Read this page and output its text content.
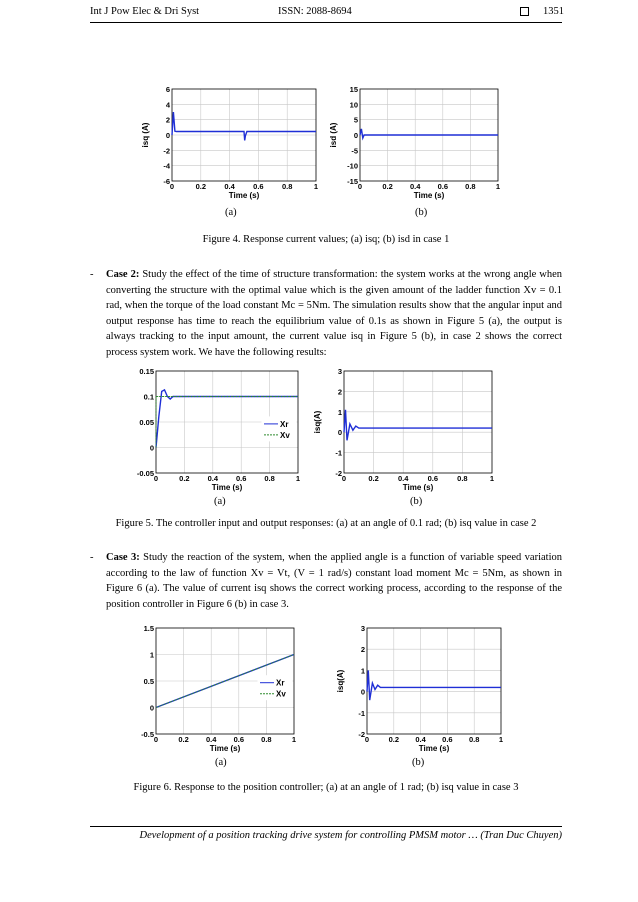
Int J Pow Elec & Dri Syst	ISSN: 2088-8694	1351
-6
-4
-2
0
2
4
6
0	0.2 0.4 0.6 0.8	1
Time (s)
isq (A)
-15
-10
-5
0
5
10
15
0	0.2 0.4 0.6 0.8	1
Time (s)
isd (A)
(a)	(b)
Figure 4. Response current values; (a) isq; (b) isd in case 1
- Case 2: Study the effect of the time of structure transformation: the system works at the wrong angle when converting the structure with the optimal value which is the given amount of the ladder function Xv = 0.1 rad, when the torque of the load constant Mc = 5Nm. The simulation results show that the angular input and output response has time to reach the equilibrium value of 0.1s as shown in Figure 5 (a), the output is always tracking to the input amount, the current value isq in Figure 5 (b), in case 2 shows the correct process system work. We have the following results:
-0.05
0
0.05
0.1
0.15
0	0.2 0.4 0.6 0.8	1
Time (s)
Xr
Xv
-2
-1
0
1
2
3
0	0.2	0.4	0.6	0.8	1
Time (s)
isq(A)
(a)	(b)
Figure 5. The controller input and output responses: (a) at an angle of 0.1 rad; (b) isq value in case 2
- Case 3: Study the reaction of the system, when the applied angle is a function of variable speed variation according to the law of function Xv = Vt, (V = 1 rad/s) constant load moment Mc = 5Nm, as shown in Figure 6 (a). The value of current isq shows the correct working process, according to the response of the position controller in Figure 6 (b) in case 3.
-0.5
0
0.5
1
1.5
0	0.2 0.4 0.6 0.8	1
Time (s)
Xr
Xv
-2
-1
0
1
2
3
0	0.2 0.4 0.6 0.8	1
Time (s)
isq(A)
(a)	(b)
Figure 6. Response to the position controller; (a) at an angle of 1 rad; (b) isq value in case 3
Development of a position tracking drive system for controlling PMSM motor … (Tran Duc Chuyen)
